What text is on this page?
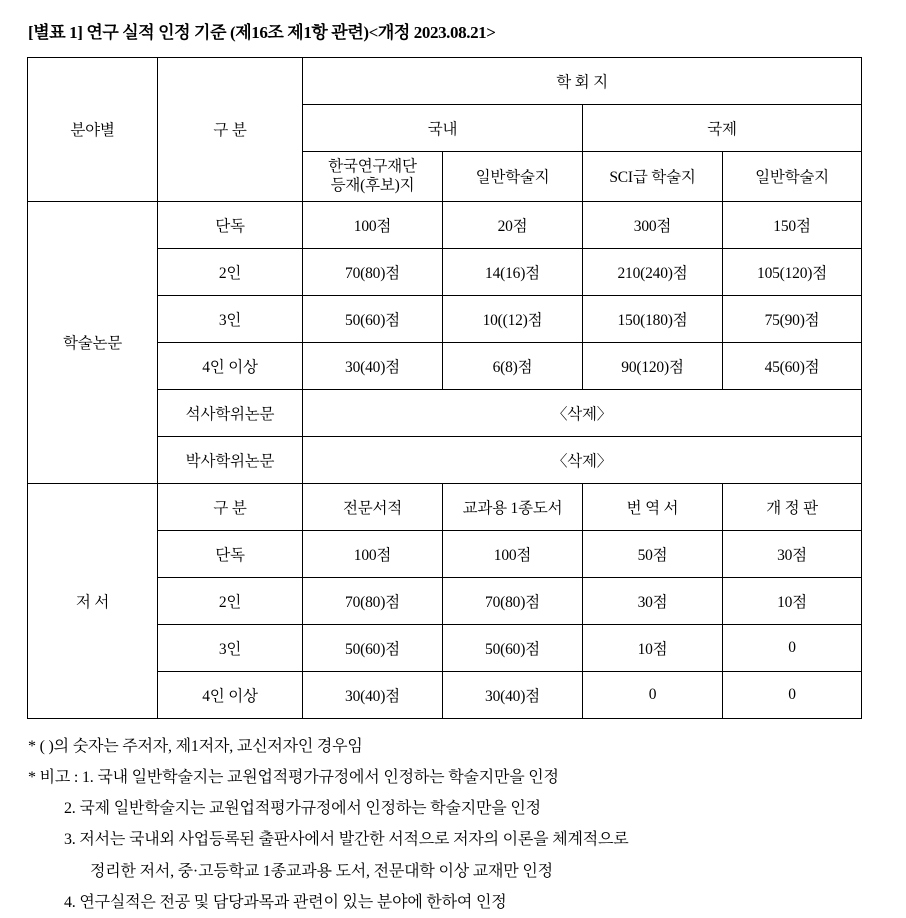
[별표 1] 연구 실적 인정 기준 (제16조 제1항 관련)<개정 2023.08.21>
분야별	구 분	학 회 지			
		국내		국제	
		한국연구재단
등재(후보)지	일반학술지	SCI급 학술지	일반학술지
학술논문	단독	100점	20점	300점	150점
	2인	70(80)점	14(16)점	210(240)점	105(120)점
	3인	50(60)점	10((12)점	150(180)점	75(90)점
	4인 이상	30(40)점	6(8)점	90(120)점	45(60)점
	석사학위논문	〈삭제〉			
	박사학위논문	〈삭제〉			
저 서	구 분	전문서적	교과용 1종도서	번 역 서	개 정 판
	단독	100점	100점	50점	30점
	2인	70(80)점	70(80)점	30점	10점
	3인	50(60)점	50(60)점	10점	0
	4인 이상	30(40)점	30(40)점	0	0
* ( )의 숫자는 주저자, 제1저자, 교신저자인 경우임
* 비고 : 1. 국내 일반학술지는 교원업적평가규정에서 인정하는 학술지만을 인정
2. 국제 일반학술지는 교원업적평가규정에서 인정하는 학술지만을 인정
3. 저서는 국내외 사업등록된 출판사에서 발간한 서적으로 저자의 이론을 체계적으로
정리한 저서, 중·고등학교 1종교과용 도서, 전문대학 이상 교재만 인정
4. 연구실적은 전공 및 담당과목과 관련이 있는 분야에 한하여 인정
